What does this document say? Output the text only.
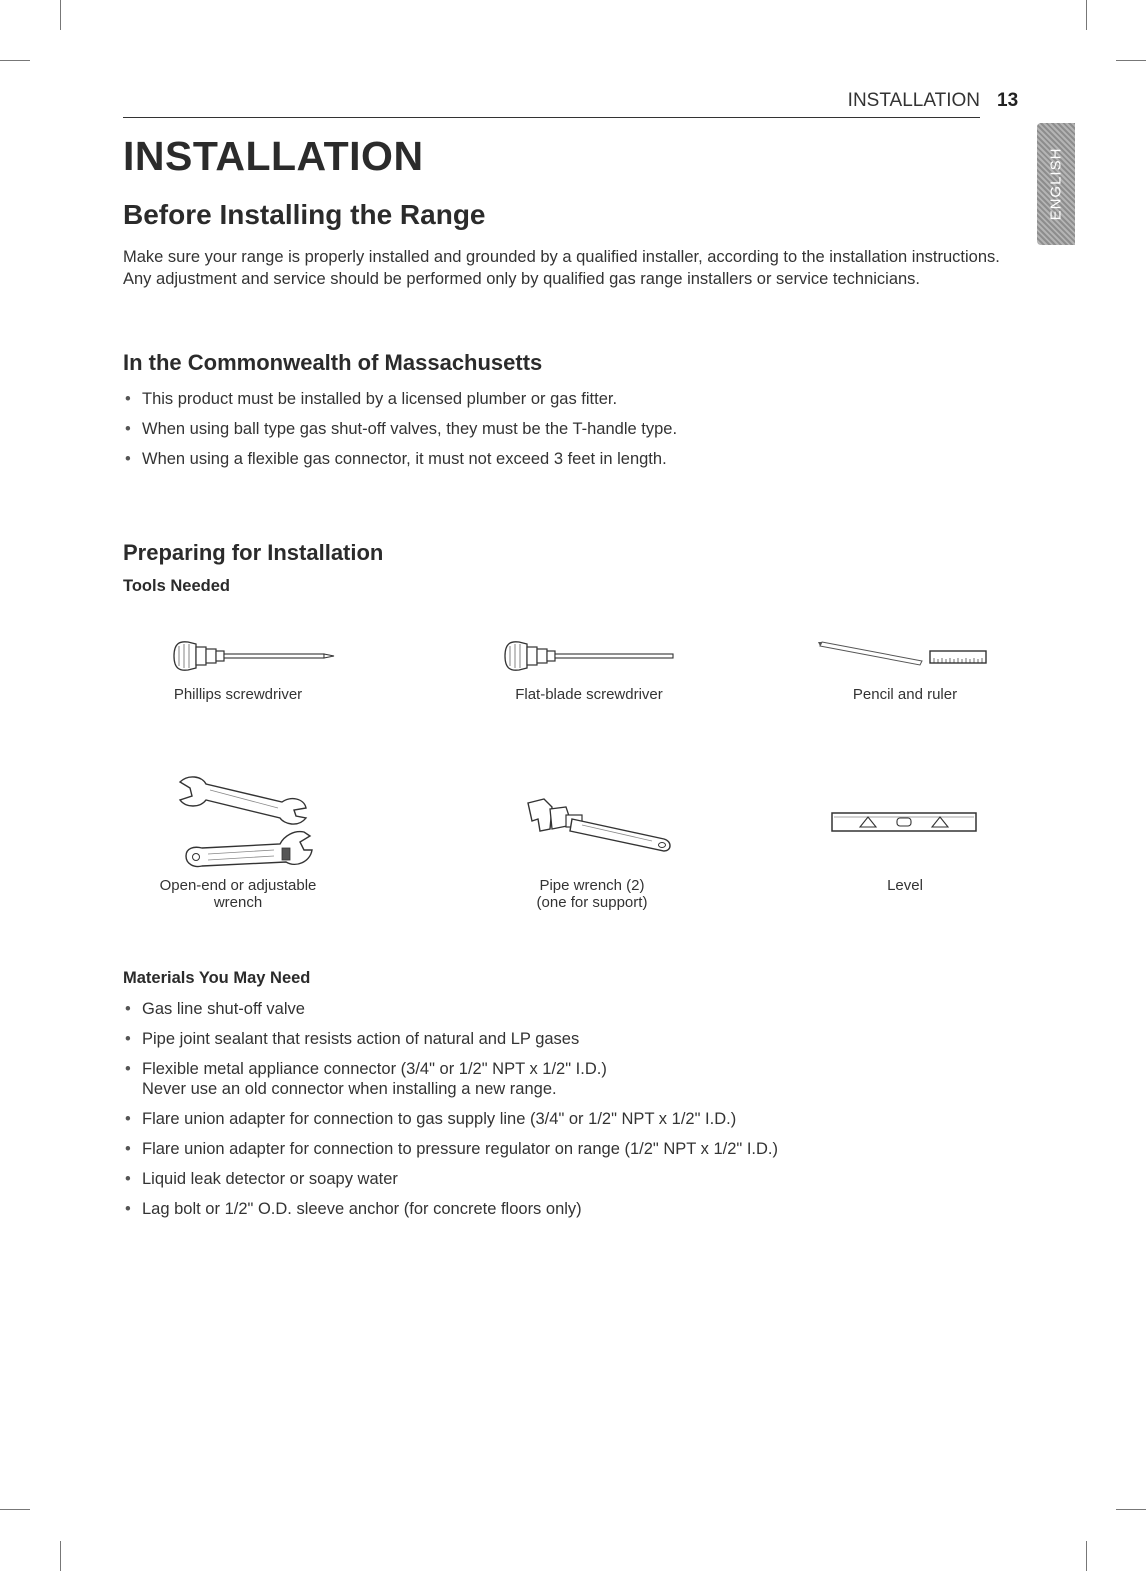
INSTALLATION 13
ENGLISH
INSTALLATION
Before Installing the Range

Make sure your range is properly installed and grounded by a qualified installer, according to the installation instructions. Any adjustment and service should be performed only by qualified gas range installers or service technicians.

In the Commonwealth of Massachusetts
• This product must be installed by a licensed plumber or gas fitter.
• When using ball type gas shut-off valves, they must be the T-handle type.
• When using a flexible gas connector, it must not exceed 3 feet in length.
Preparing for Installation
Tools Needed
Phillips screwdriver	Flat-blade screwdriver	Pencil and ruler
Open-end or adjustable
wrench
Pipe wrench (2)
(one for support)
Level
Materials You May Need
• Gas line shut-off valve
• Pipe joint sealant that resists action of natural and LP gases
• Flexible metal appliance connector (3/4" or 1/2" NPT x 1/2" I.D.)
Never use an old connector when installing a new range.
• Flare union adapter for connection to gas supply line (3/4" or 1/2" NPT x 1/2" I.D.)
• Flare union adapter for connection to pressure regulator on range (1/2" NPT x 1/2" I.D.)
• Liquid leak detector or soapy water
• Lag bolt or 1/2" O.D. sleeve anchor (for concrete floors only)
